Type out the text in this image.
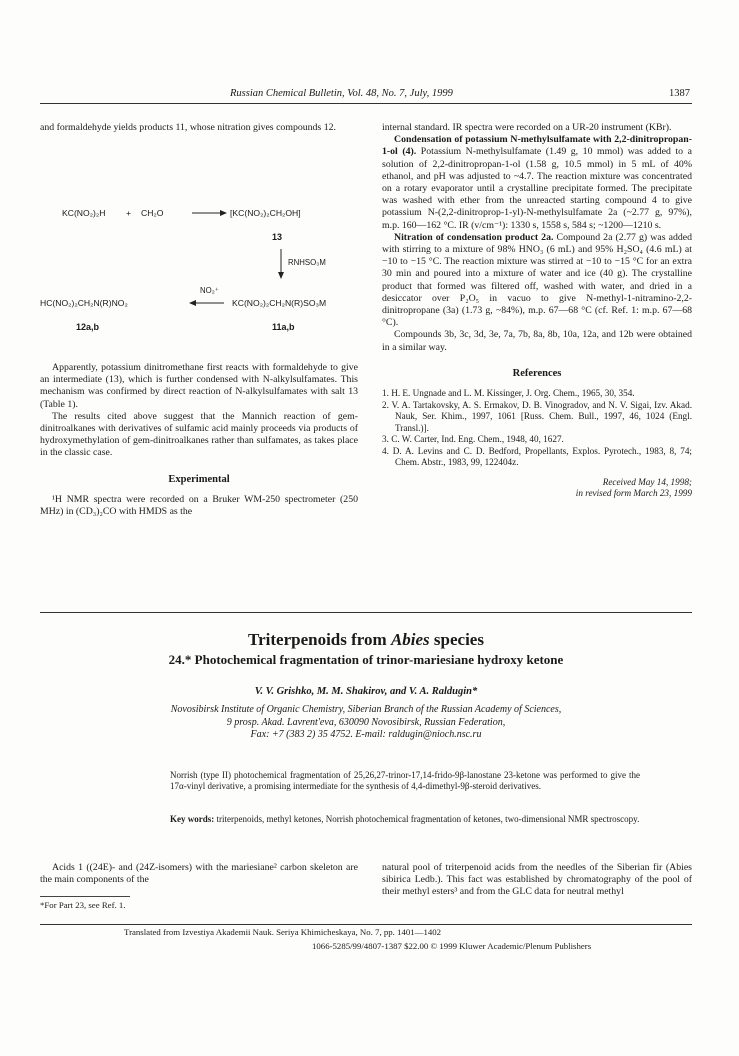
Russian Chemical Bulletin, Vol. 48, No. 7, July, 1999	1387

and formaldehyde yields products 11, whose nitration gives compounds 12.

KC(NO₂)₂H + CH₂O	[KC(NO₂)₂CH₂OH]
13
RNHSO₃M
HC(NO₂)₂CH₂N(R)NO₂
NO₂⁺
KC(NO₂)₂CH₂N(R)SO₃M
12a,b	11a,b

Apparently, potassium dinitromethane first reacts with formaldehyde to give an intermediate (13), which is further condensed with N-alkylsulfamates. This mechanism was confirmed by direct reaction of N-alkylsulfamates with salt 13 (Table 1).

The results cited above suggest that the Mannich reaction of gem-dinitroalkanes with derivatives of sulfamic acid mainly proceeds via products of hydroxymethylation of gem-dinitroalkanes rather than sulfamates, as takes place in the classic case.

Experimental

¹H NMR spectra were recorded on a Bruker WM-250 spectrometer (250 MHz) in (CD₃)₂CO with HMDS as the

internal standard. IR spectra were recorded on a UR-20 instrument (KBr).

Condensation of potassium N-methylsulfamate with 2,2-dinitropropan-1-ol (4). Potassium N-methylsulfamate (1.49 g, 10 mmol) was added to a solution of 2,2-dinitropropan-1-ol (1.58 g, 10.5 mmol) in 5 mL of 40% ethanol, and pH was adjusted to ~4.7. The reaction mixture was concentrated on a rotary evaporator until a crystalline precipitate formed. The precipitate was washed with ether from the unreacted starting compound 4 to give potassium N-(2,2-dinitroprop-1-yl)-N-methylsulfamate 2a (~2.77 g, 97%), m.p. 160—162 °C. IR (v/cm⁻¹): 1330 s, 1558 s, 584 s; ~1200—1210 s.

Nitration of condensation product 2a. Compound 2a (2.77 g) was added with stirring to a mixture of 98% HNO₃ (6 mL) and 95% H₂SO₄ (4.6 mL) at −10 to −15 °C. The reaction mixture was stirred at −10 to −15 °C for an extra 30 min and poured into a mixture of water and ice (40 g). The crystalline product that formed was filtered off, washed with water, and dried in a desiccator over P₂O₅ in vacuo to give N-methyl-1-nitramino-2,2-dinitropropane (3a) (1.73 g, ~84%), m.p. 67—68 °C (cf. Ref. 1: m.p. 67—68 °C).

Compounds 3b, 3c, 3d, 3e, 7a, 7b, 8a, 8b, 10a, 12a, and 12b were obtained in a similar way.

References
1. H. E. Ungnade and L. M. Kissinger, J. Org. Chem., 1965, 30, 354.
2. V. A. Tartakovsky, A. S. Ermakov, D. B. Vinogradov, and N. V. Sigai, Izv. Akad. Nauk, Ser. Khim., 1997, 1061 [Russ. Chem. Bull., 1997, 46, 1024 (Engl. Transl.)].
3. C. W. Carter, Ind. Eng. Chem., 1948, 40, 1627.
4. D. A. Levins and C. D. Bedford, Propellants, Explos. Pyrotech., 1983, 8, 74; Chem. Abstr., 1983, 99, 122404z.
Received May 14, 1998;
in revised form March 23, 1999
Triterpenoids from Abies species
24.* Photochemical fragmentation of trinor-mariesiane hydroxy ketone
V. V. Grishko, M. M. Shakirov, and V. A. Raldugin*
Novosibirsk Institute of Organic Chemistry, Siberian Branch of the Russian Academy of Sciences,
9 prosp. Akad. Lavrent'eva, 630090 Novosibirsk, Russian Federation,
Fax: +7 (383 2) 35 4752. E-mail: raldugin@nioch.nsc.ru
Norrish (type II) photochemical fragmentation of 25,26,27-trinor-17,14-frido-9β-lanostane 23-ketone was performed to give the 17α-vinyl derivative, a promising intermediate for the synthesis of 4,4-dimethyl-9β-steroid derivatives.
Key words: triterpenoids, methyl ketones, Norrish photochemical fragmentation of ketones, two-dimensional NMR spectroscopy.

Acids 1 ((24E)- and (24Z-isomers) with the mariesiane² carbon skeleton are the main components of the

*For Part 23, see Ref. 1.

natural pool of triterpenoid acids from the needles of the Siberian fir (Abies sibirica Ledb.). This fact was established by chromatography of the pool of their methyl esters³ and from the GLC data for neutral methyl

Translated from Izvestiya Akademii Nauk. Seriya Khimicheskaya, No. 7, pp. 1401—1402
1066-5285/99/4807-1387 $22.00 © 1999 Kluwer Academic/Plenum Publishers
